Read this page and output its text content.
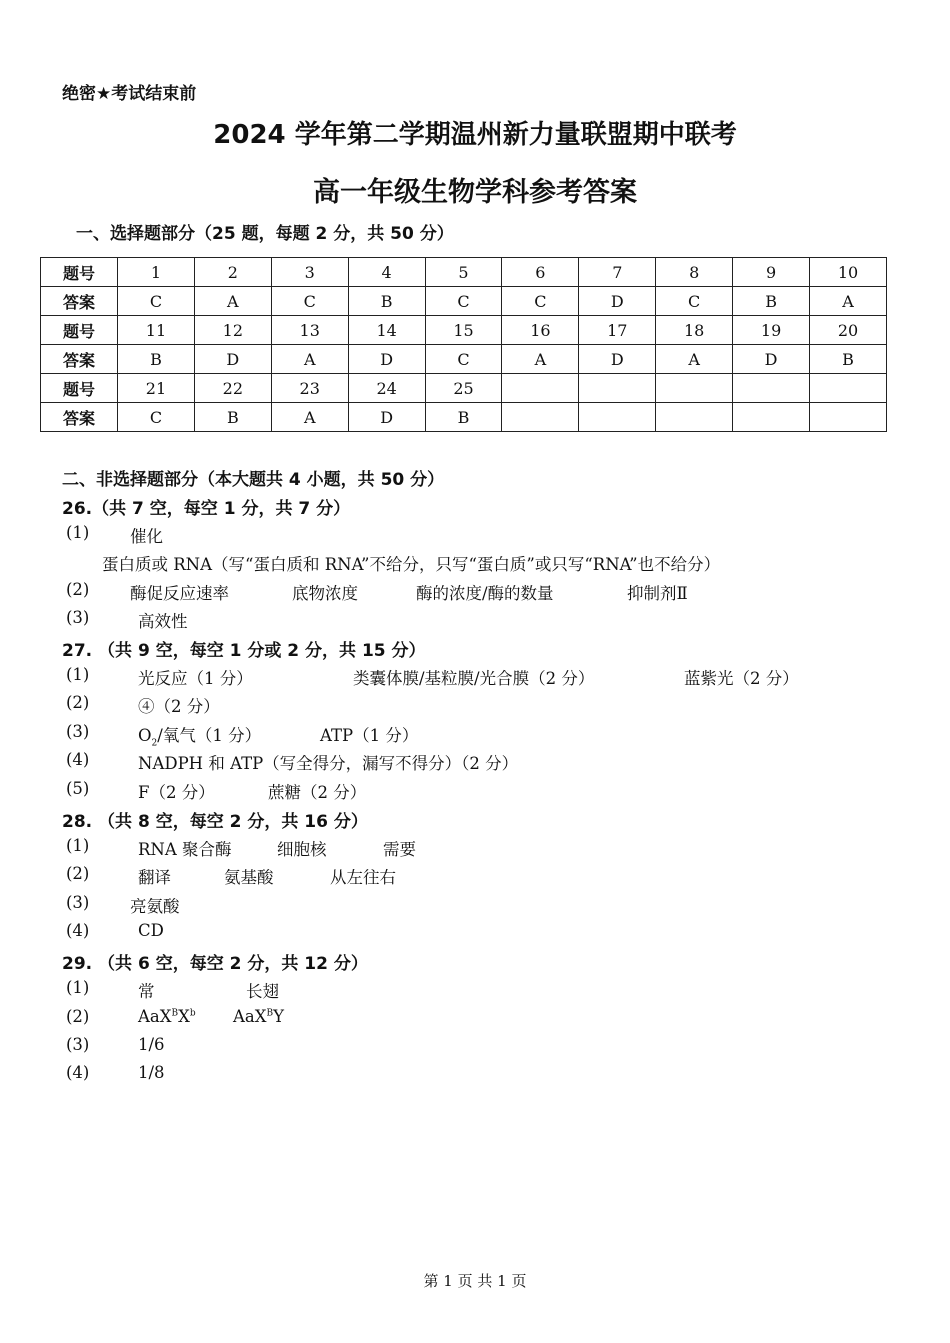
绝密★考试结束前
2024 学年第二学期温州新力量联盟期中联考
高一年级生物学科参考答案
一、选择题部分（25 题，每题 2 分，共 50 分）
题号	1	2	3	4	5	6	7	8	9	10
答案	C	A	C	B	C	C	D	C	B	A
题号	11	12	13	14	15	16	17	18	19	20
答案	B	D	A	D	C	A	D	A	D	B
题号	21	22	23	24	25					
答案	C	B	A	D	B					
二、非选择题部分（本大题共 4 小题，共 50 分）
26.（共 7 空，每空 1 分，共 7 分）
(1) 催化
蛋白质或 RNA（写“蛋白质和 RNA”不给分，只写“蛋白质”或只写“RNA”也不给分）
(2) 酶促反应速率	底物浓度	酶的浓度/酶的数量	抑制剂Ⅱ
(3)	高效性
27. （共 9 空，每空 1 分或 2 分，共 15 分）
(1)	光反应（1 分）	类囊体膜/基粒膜/光合膜（2 分）	蓝紫光（2 分）
(2)	④（2 分）
(3)	$O_2/$氧气（1 分）	ATP（1 分）
(4)	NADPH 和 ATP（写全得分，漏写不得分）（2 分）
(5)	F（2 分）	蔗糖（2 分）
28. （共 8 空，每空 2 分，共 16 分）
(1)	RNA 聚合酶	细胞核	需要
(2)	翻译	氨基酸	从左往右
(3) 亮氨酸
(4)	CD
29. （共 6 空，每空 2 分，共 12 分）
(1)	常	长翅
(2)	$AaX^BX^b$ AaX$^B$Y
(3)	1/6
(4)	1/8
第 1 页 共 1 页
